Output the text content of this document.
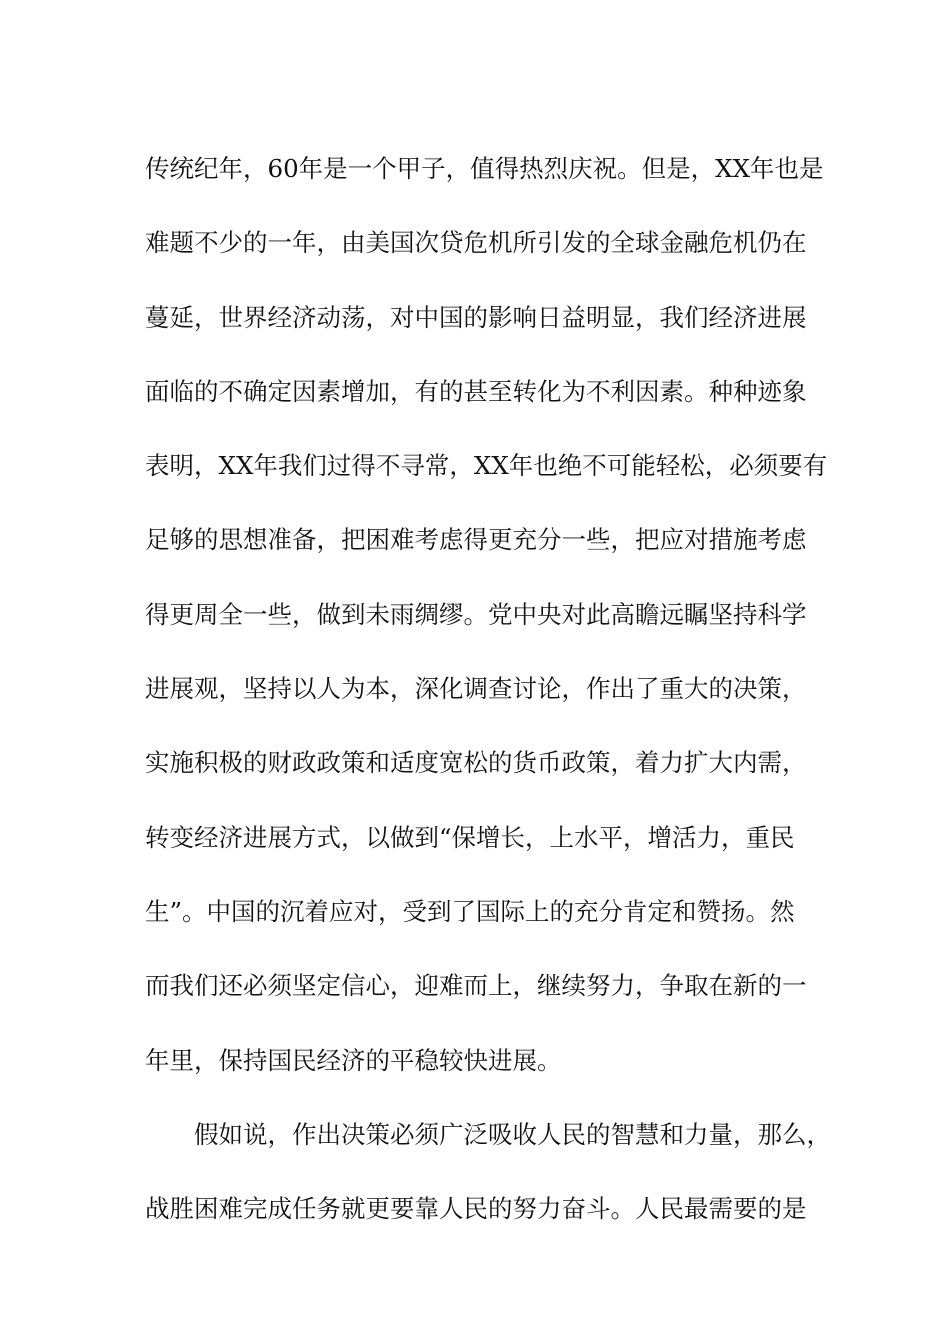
传统纪年，60年是一个甲子，值得热烈庆祝。但是，XX年也是
难题不少的一年，由美国次贷危机所引发的全球金融危机仍在
蔓延，世界经济动荡，对中国的影响日益明显，我们经济进展
面临的不确定因素增加，有的甚至转化为不利因素。种种迹象
表明，XX年我们过得不寻常，XX年也绝不可能轻松，必须要有
足够的思想准备，把困难考虑得更充分一些，把应对措施考虑
得更周全一些，做到未雨绸缪。党中央对此高瞻远瞩坚持科学
进展观，坚持以人为本，深化调查讨论，作出了重大的决策，
实施积极的财政政策和适度宽松的货币政策，着力扩大内需，
转变经济进展方式，以做到“保增长，上水平，增活力，重民
生”。中国的沉着应对，受到了国际上的充分肯定和赞扬。然
而我们还必须坚定信心，迎难而上，继续努力，争取在新的一
年里，保持国民经济的平稳较快进展。
假如说，作出决策必须广泛吸收人民的智慧和力量，那么，
战胜困难完成任务就更要靠人民的努力奋斗。人民最需要的是
